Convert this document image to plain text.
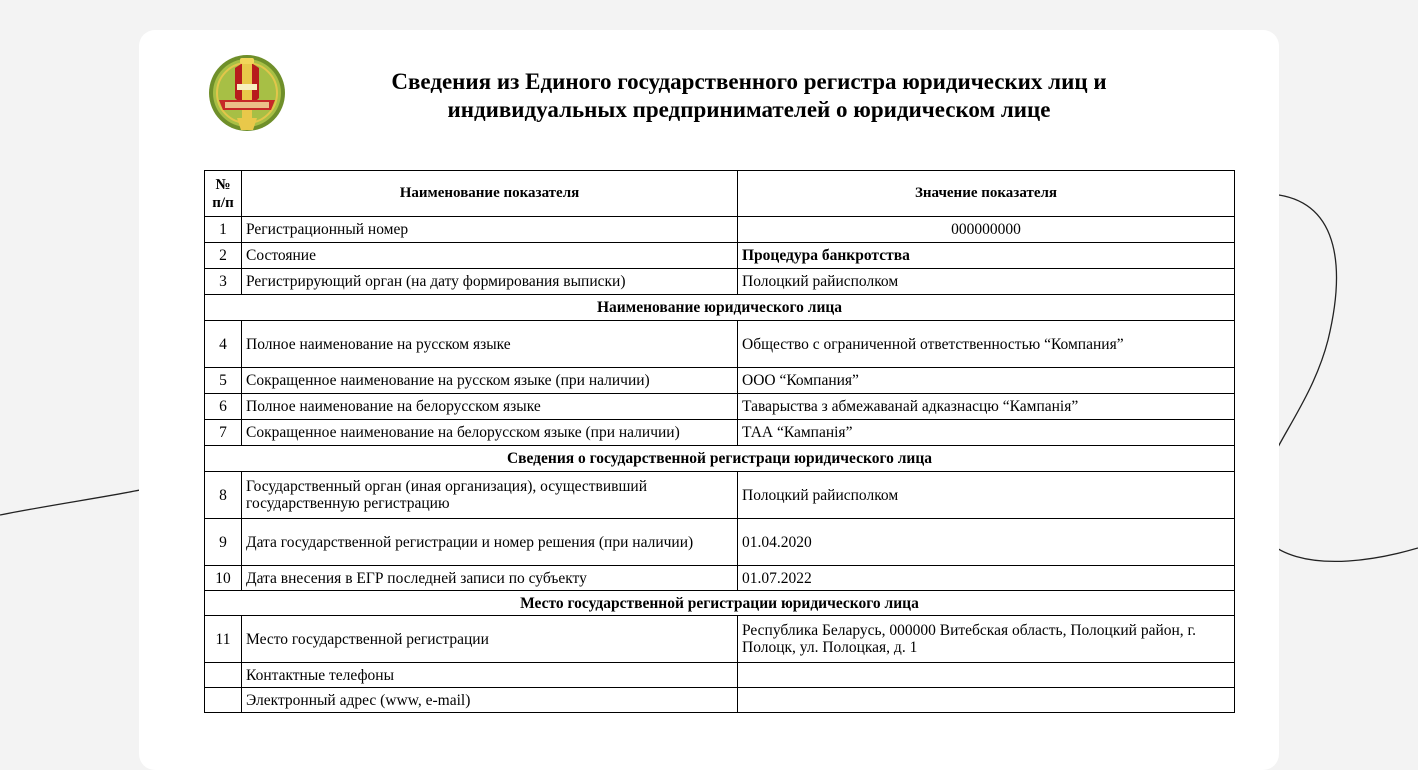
Сведения из Единого государственного регистра юридических лиц и
индивидуальных предпринимателей о юридическом лице
№
п/п	Наименование показателя	Значение показателя
1	Регистрационный номер	000000000
2	Состояние	Процедура банкротства
3	Регистрирующий орган (на дату формирования выписки)	Полоцкий райисполком
Наименование юридического лица		
4	Полное наименование на русском языке	Общество с ограниченной ответственностью “Компания”
5	Сокращенное наименование на русском языке (при наличии)	ООО “Компания”
6	Полное наименование на белорусском языке	Таварыства з абмежаванай адказнасцю “Кампанія”
7	Сокращенное наименование на белорусском языке (при наличии)	ТАА “Кампанія”
Сведения о государственной регистраци юридического лица		
8	Государственный орган (иная организация), осуществивший государственную регистрацию	Полоцкий райисполком
9	Дата государственной регистрации и номер решения (при наличии)	01.04.2020
10	Дата внесения в ЕГР последней записи по субъекту	01.07.2022
Место государственной регистрации юридического лица		
11	Место государственной регистрации	Республика Беларусь, 000000 Витебская область, Полоцкий район, г. Полоцк, ул. Полоцкая, д. 1
	Контактные телефоны	
	Электронный адрес (www, e-mail)	
